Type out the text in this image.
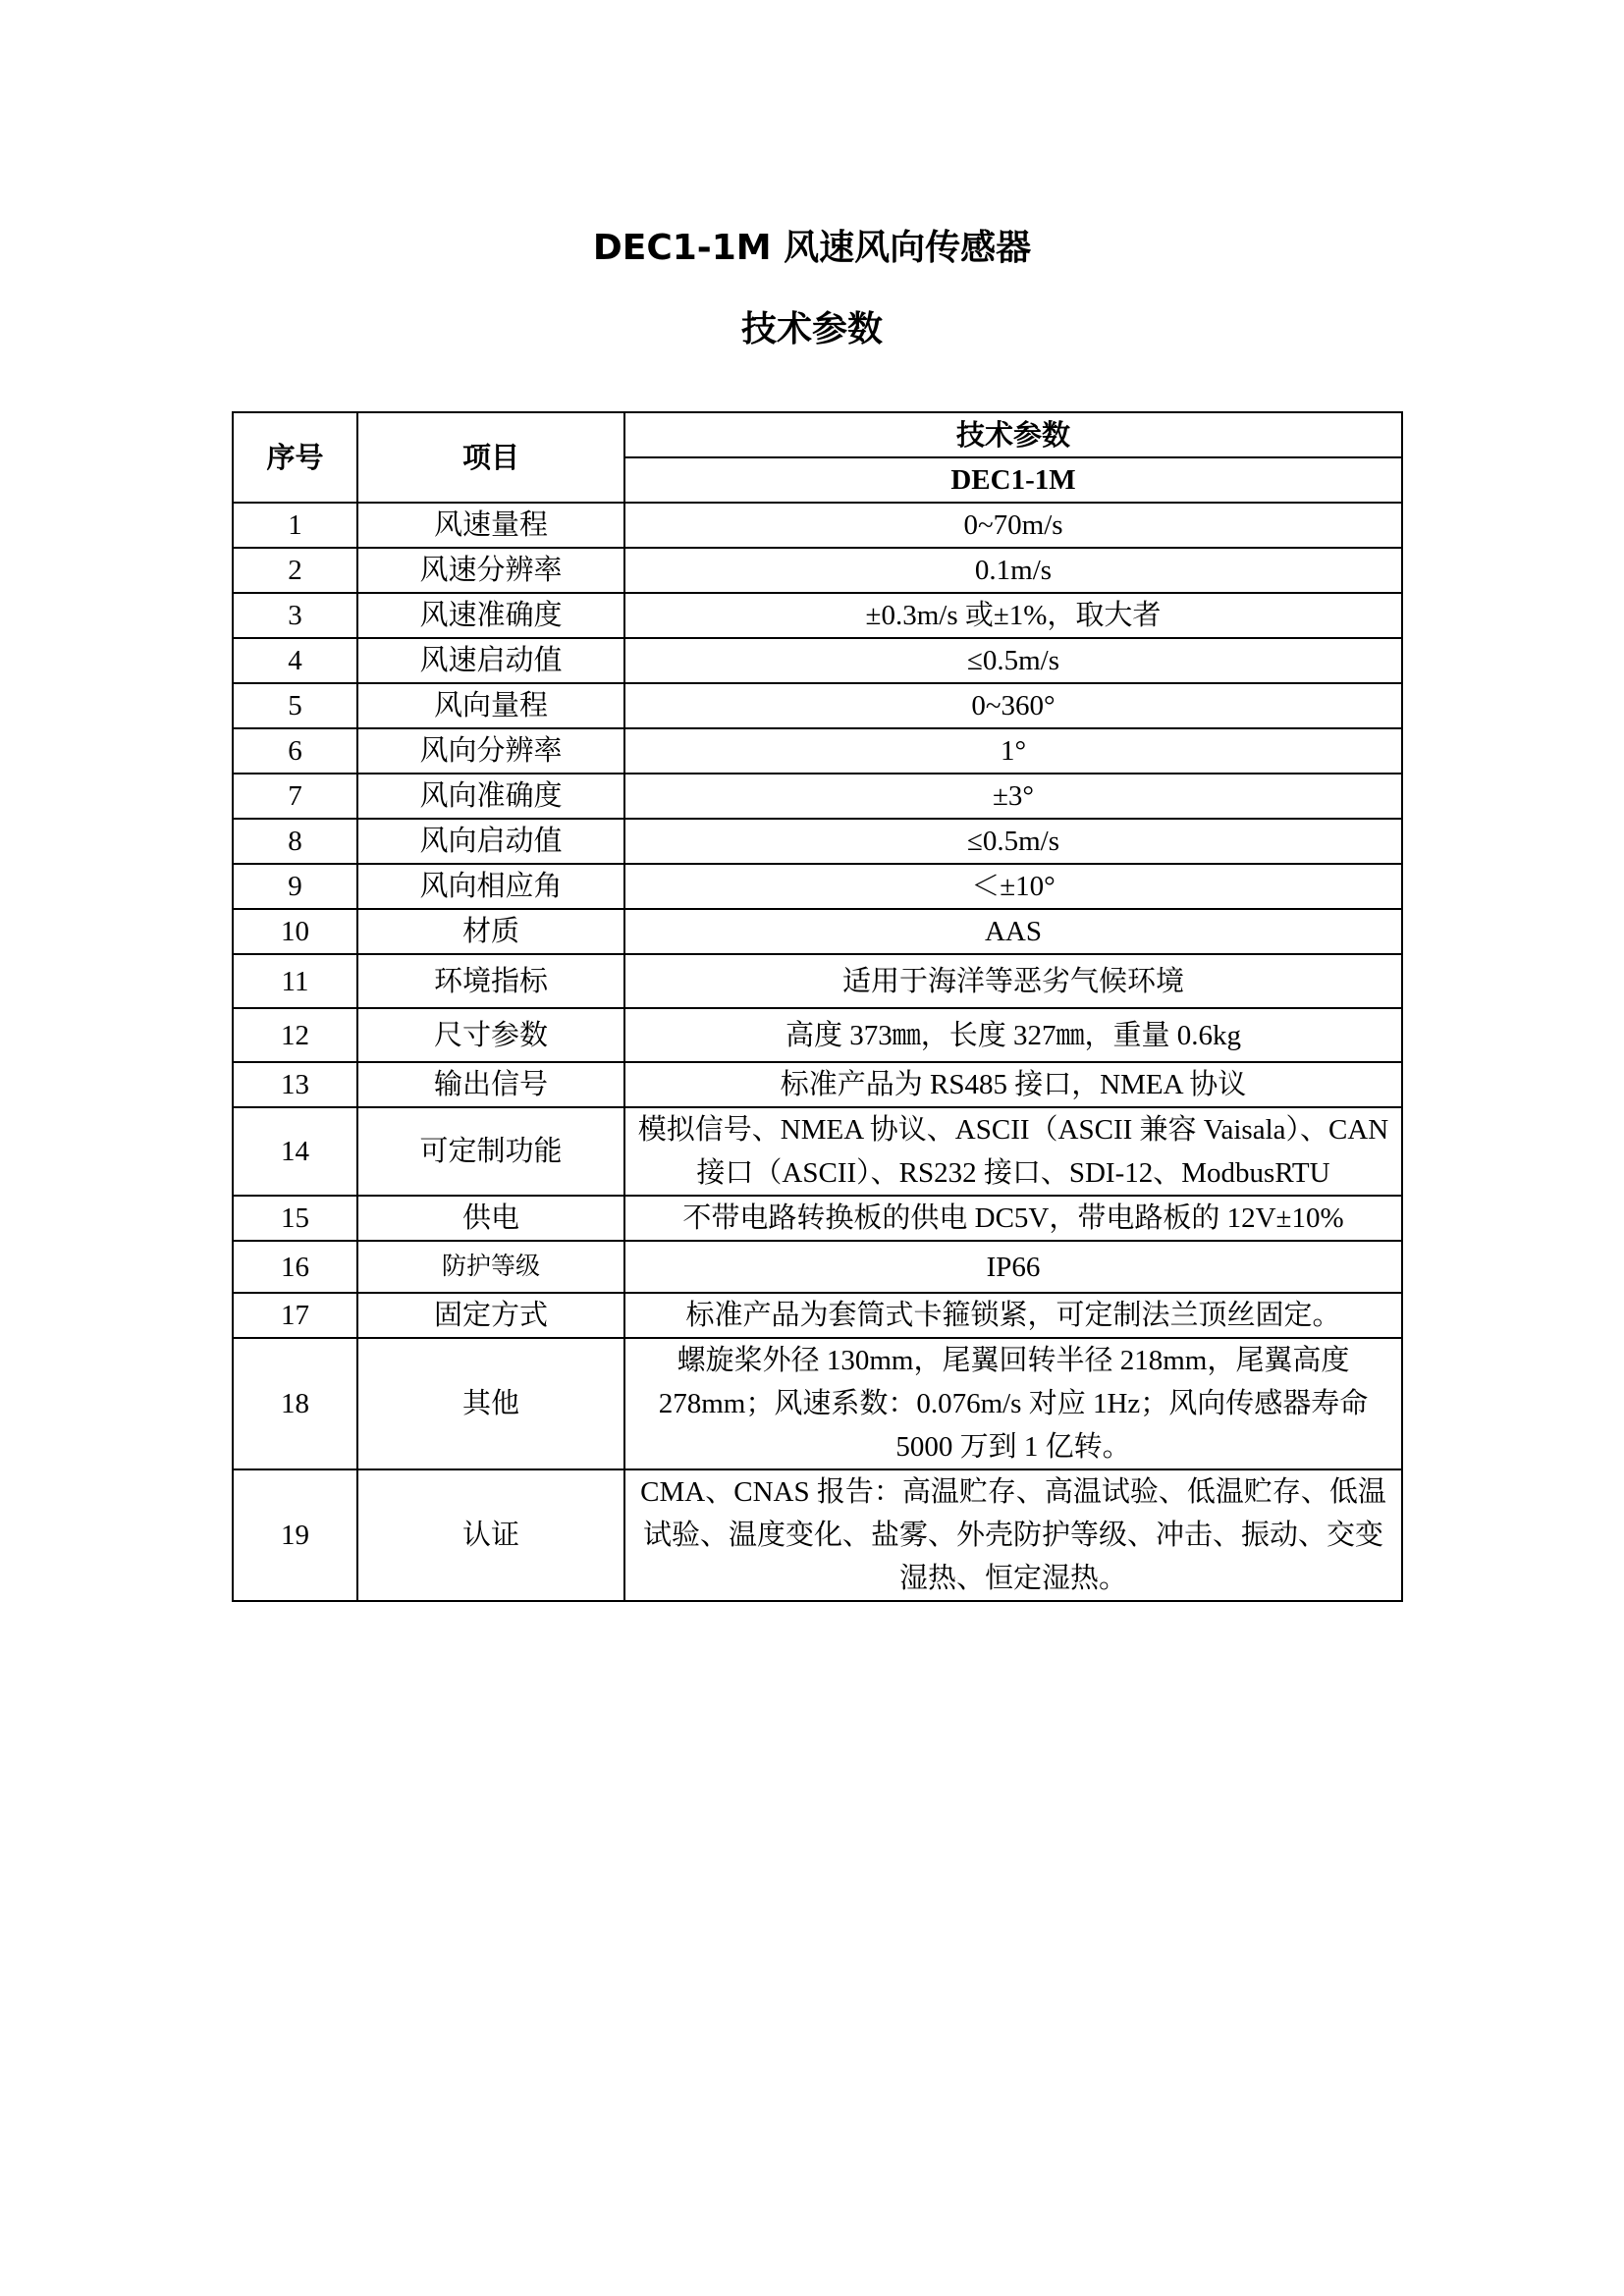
DEC1-1M 风速风向传感器
技术参数
序号	项目	技术参数
		DEC1-1M
1	风速量程	0~70m/s
2	风速分辨率	0.1m/s
3	风速准确度	±0.3m/s 或±1%，取大者
4	风速启动值	≤0.5m/s
5	风向量程	0~360°
6	风向分辨率	1°
7	风向准确度	±3°
8	风向启动值	≤0.5m/s
9	风向相应角	＜±10°
10	材质	AAS
11	环境指标	适用于海洋等恶劣气候环境
12	尺寸参数	高度 373㎜，长度 327㎜，重量 0.6kg
13	输出信号	标准产品为 RS485 接口，NMEA 协议
14	可定制功能	模拟信号、NMEA 协议、ASCII（ASCII 兼容 Vaisala）、CAN 接口（ASCII）、RS232 接口、SDI-12、ModbusRTU
15	供电	不带电路转换板的供电 DC5V，带电路板的 12V±10%
16	防护等级	IP66
17	固定方式	标准产品为套筒式卡箍锁紧，可定制法兰顶丝固定。
18	其他	螺旋桨外径 130mm，尾翼回转半径 218mm，尾翼高度 278mm；风速系数：0.076m/s 对应 1Hz；风向传感器寿命 5000 万到 1 亿转。
19	认证	CMA、CNAS 报告：高温贮存、高温试验、低温贮存、低温试验、温度变化、盐雾、外壳防护等级、冲击、振动、交变湿热、恒定湿热。
